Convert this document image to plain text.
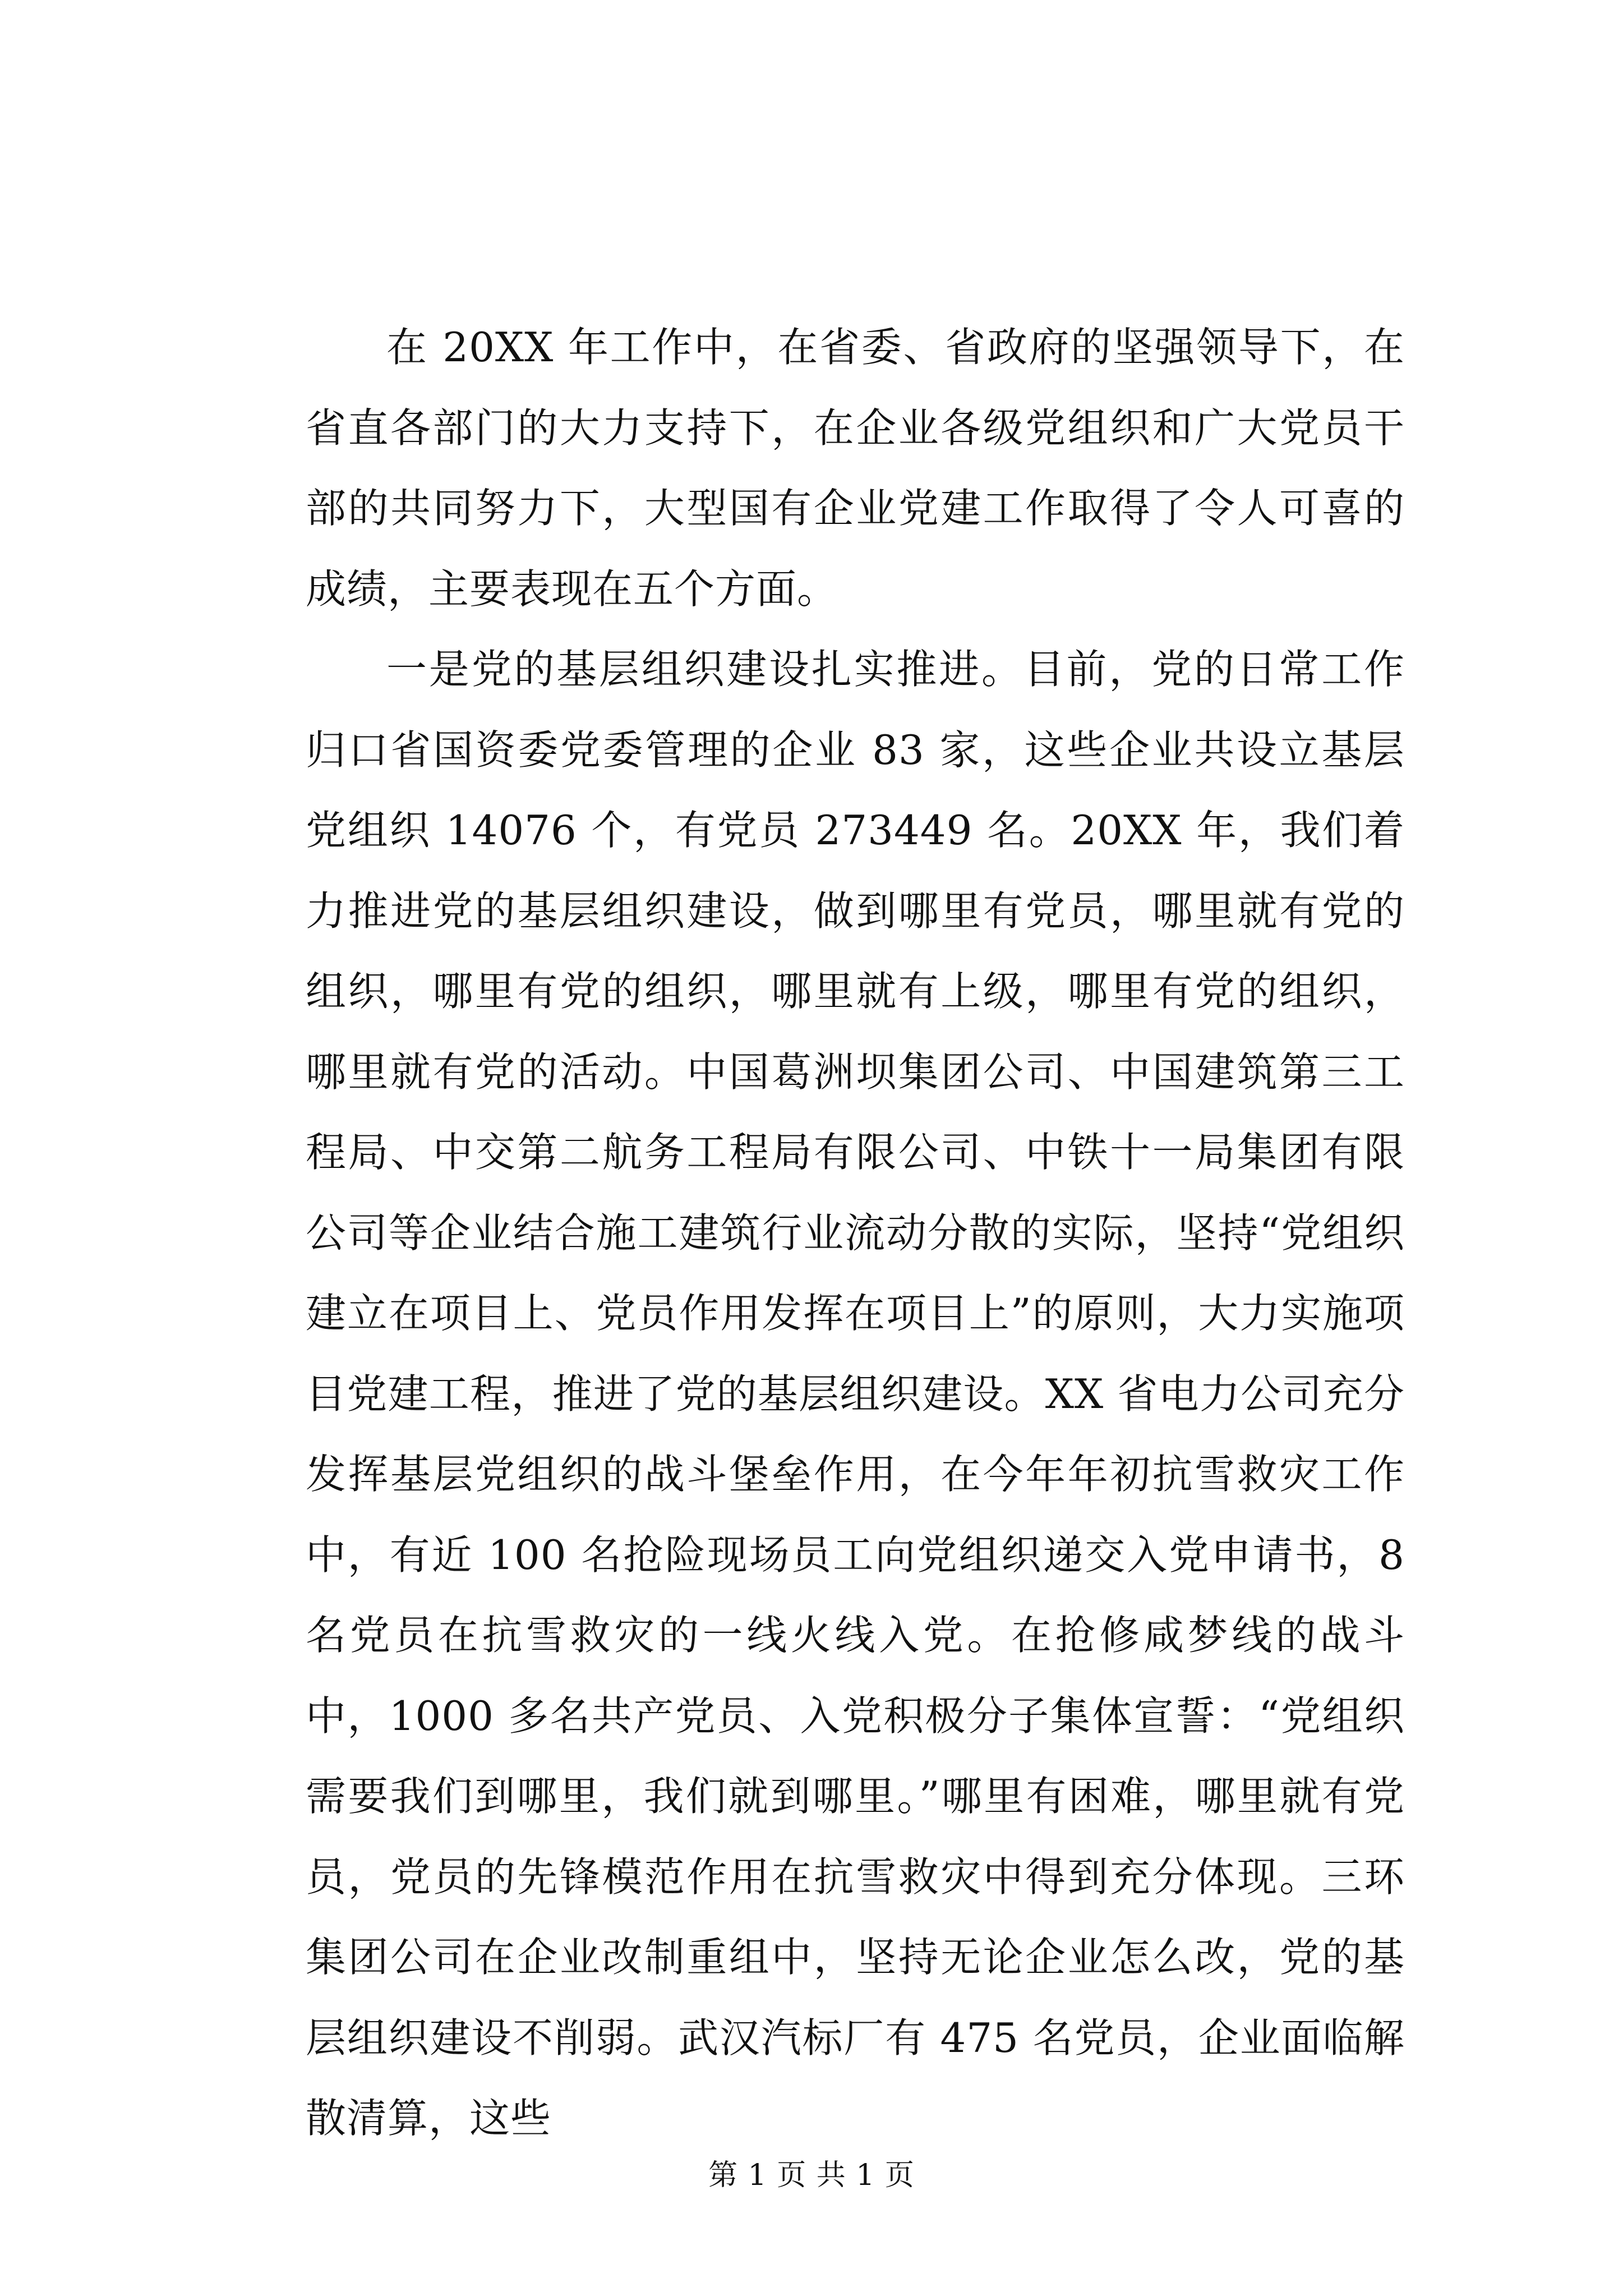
在 20XX 年工作中，在省委、省政府的坚强领导下，在省直各部门的大力支持下，在企业各级党组织和广大党员干部的共同努力下，大型国有企业党建工作取得了令人可喜的成绩，主要表现在五个方面。

一是党的基层组织建设扎实推进。目前，党的日常工作归口省国资委党委管理的企业 83 家，这些企业共设立基层党组织 14076 个，有党员 273449 名。20XX 年，我们着力推进党的基层组织建设，做到哪里有党员，哪里就有党的组织，哪里有党的组织，哪里就有上级，哪里有党的组织，哪里就有党的活动。中国葛洲坝集团公司、中国建筑第三工程局、中交第二航务工程局有限公司、中铁十一局集团有限公司等企业结合施工建筑行业流动分散的实际，坚持“党组织建立在项目上、党员作用发挥在项目上”的原则，大力实施项目党建工程，推进了党的基层组织建设。XX 省电力公司充分发挥基层党组织的战斗堡垒作用，在今年年初抗雪救灾工作中，有近 100 名抢险现场员工向党组织递交入党申请书，8 名党员在抗雪救灾的一线火线入党。在抢修咸梦线的战斗中，1000 多名共产党员、入党积极分子集体宣誓：“党组织需要我们到哪里，我们就到哪里。”哪里有困难，哪里就有党员，党员的先锋模范作用在抗雪救灾中得到充分体现。三环集团公司在企业改制重组中，坚持无论企业怎么改，党的基层组织建设不削弱。武汉汽标厂有 475 名党员，企业面临解散清算，这些

第 1 页 共 1 页
